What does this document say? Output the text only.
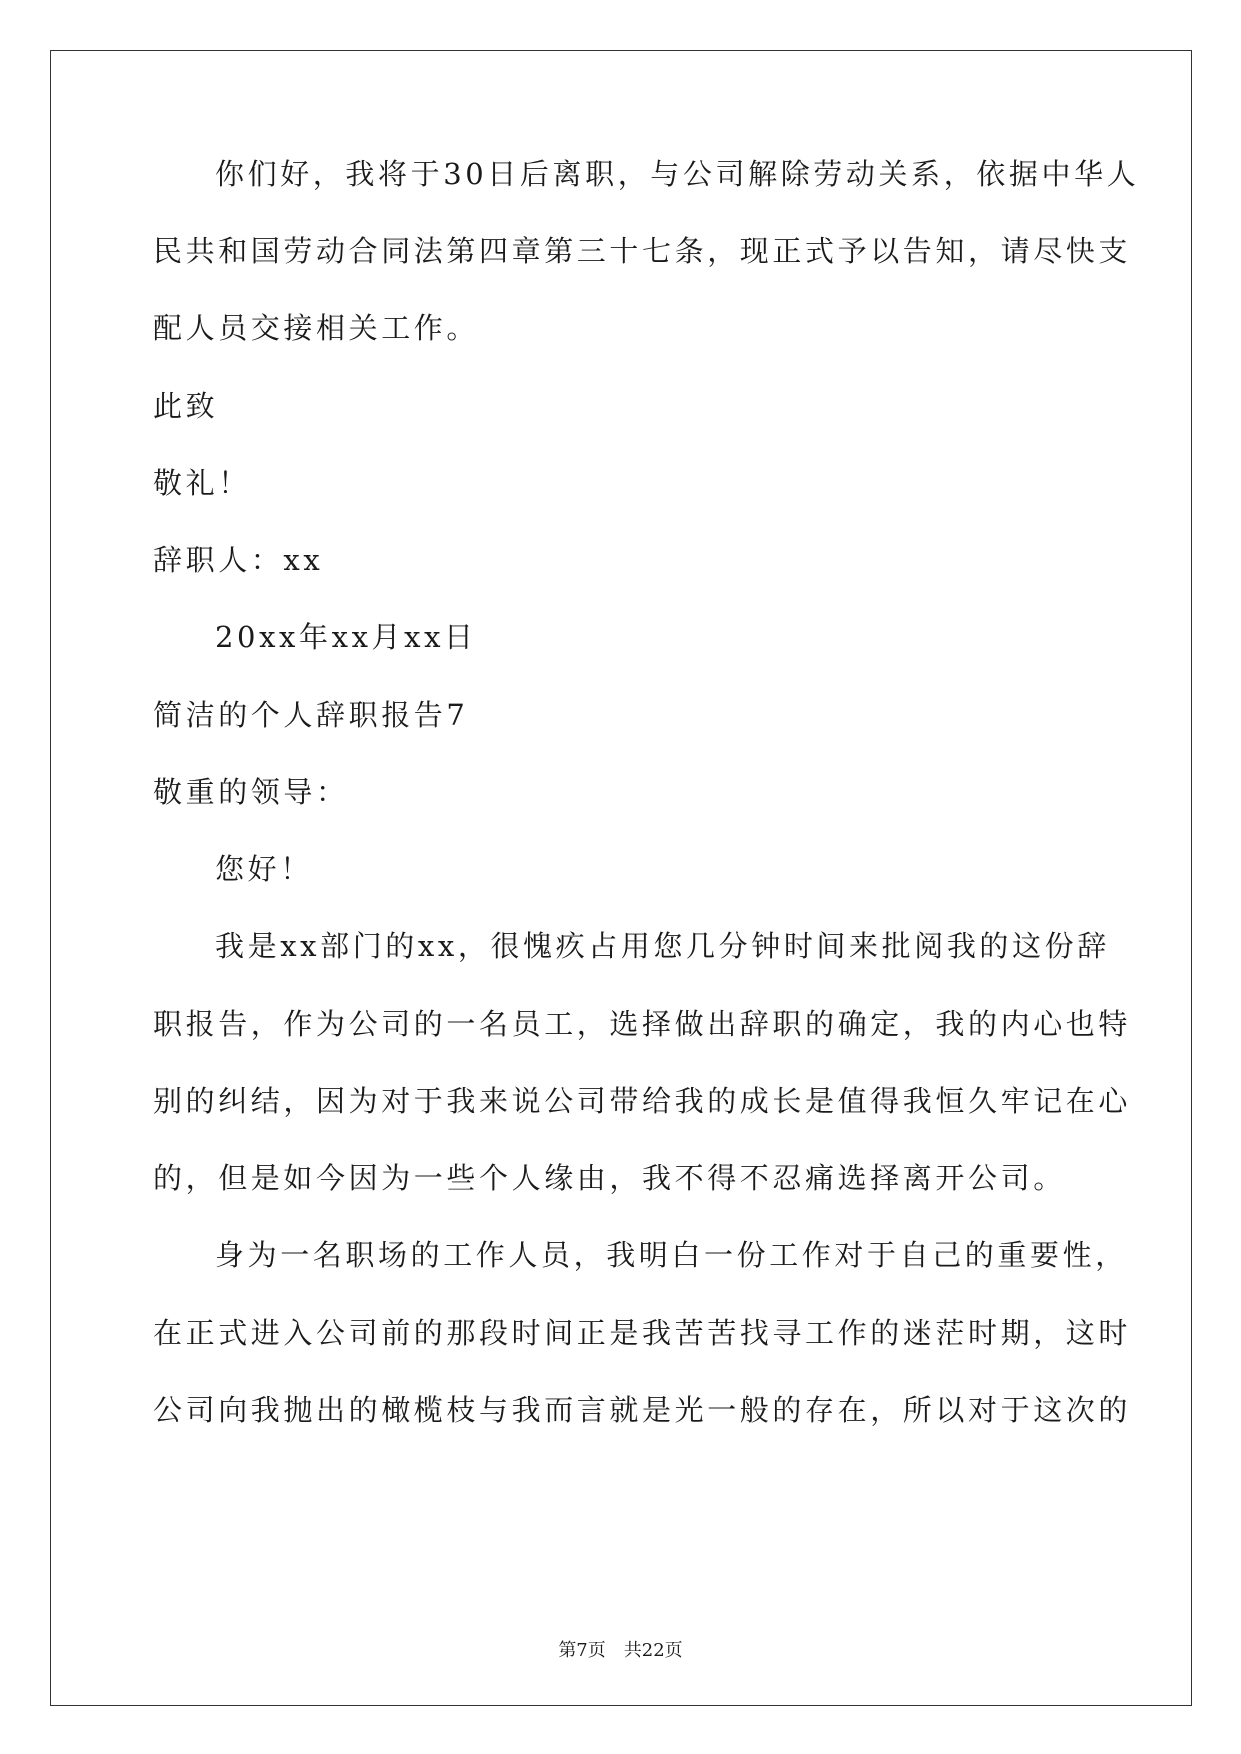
你们好，我将于30日后离职，与公司解除劳动关系，依据中华人
民共和国劳动合同法第四章第三十七条，现正式予以告知，请尽快支
配人员交接相关工作。
此致
敬礼！
辞职人：xx
20xx年xx月xx日
简洁的个人辞职报告7
敬重的领导：
您好！
我是xx部门的xx，很愧疚占用您几分钟时间来批阅我的这份辞
职报告，作为公司的一名员工，选择做出辞职的确定，我的内心也特
别的纠结，因为对于我来说公司带给我的成长是值得我恒久牢记在心
的，但是如今因为一些个人缘由，我不得不忍痛选择离开公司。
身为一名职场的工作人员，我明白一份工作对于自己的重要性，
在正式进入公司前的那段时间正是我苦苦找寻工作的迷茫时期，这时
公司向我抛出的橄榄枝与我而言就是光一般的存在，所以对于这次的
第7页　共22页
